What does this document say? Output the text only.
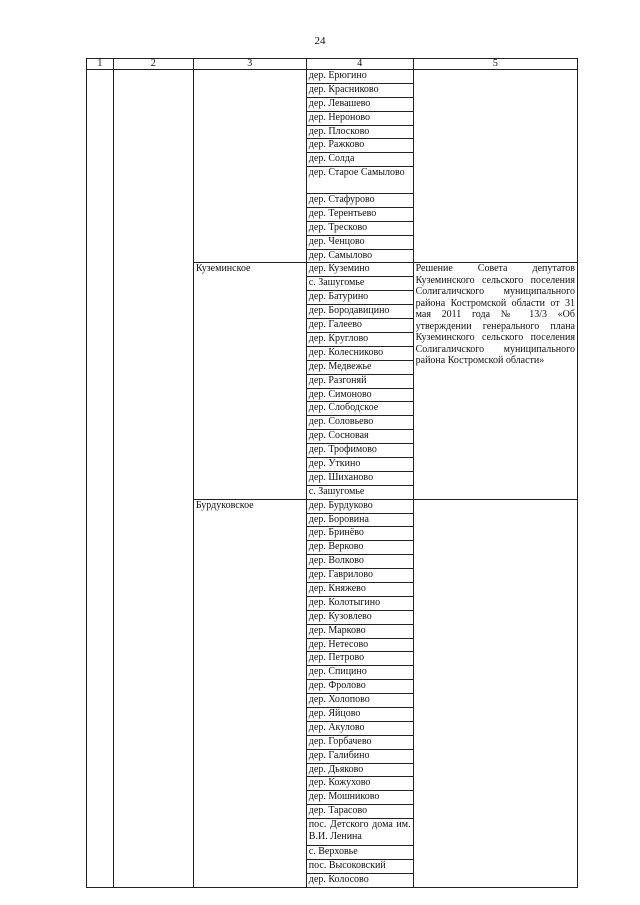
24
1	2	3	4	5
			дер. Ерюгино	
			дер. Красниково	
			дер. Левашево	
			дер. Нероново	
			дер. Плосково	
			дер. Ражково	
			дер. Солда	
			дер. Старое Самылово	
			дер. Стафурово	
			дер. Терентьево	
			дер. Тресково	
			дер. Ченцово	
			дер. Самылово	
		Куземинское	дер. Куземино	Решение Совета депутатов Куземинского сельского поселения Солигаличского муниципального района Костромской области от 31 мая 2011 года № 13/3 «Об утверждении генерального плана Куземинского сельского поселения Солигаличского муниципального района Костромской области»
			с. Зашугомье	
			дер. Батурино	
			дер. Бородавицино	
			дер. Галеево	
			дер. Круглово	
			дер. Колесниково	
			дер. Медвежье	
			дер. Разгоняй	
			дер. Симоново	
			дер. Слободское	
			дер. Соловьево	
			дер. Сосновая	
			дер. Трофимово	
			дер. Уткино	
			дер. Шиханово	
			с. Зашугомье	
		Бурдуковское	дер. Бурдуково	
			дер. Боровина	
			дер. Бринёво	
			дер. Верково	
			дер. Волково	
			дер. Гаврилово	
			дер. Княжево	
			дер. Колотыгино	
			дер. Кузовлево	
			дер. Марково	
			дер. Нетесово	
			дер. Петрово	
			дер. Спицино	
			дер. Фролово	
			дер. Холопово	
			дер. Яйцово	
			дер. Акулово	
			дер. Горбачево	
			дер. Галибино	
			дер. Дьяково	
			дер. Кожухово	
			дер. Мошниково	
			дер. Тарасово	
			пос. Детского дома им. В.И. Ленина	
			с. Верховье	
			пос. Высоковский	
			дер. Колосово	
